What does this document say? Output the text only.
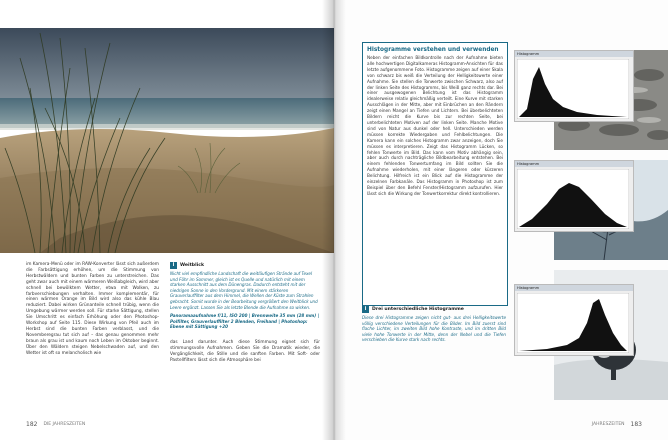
im Kamera-Menü oder im RAW-Konverter lässt sich außerdem die Farbsättigung erhöhen, um die Stimmung von Herbstwäldern und bunten Farben zu unterstreichen. Das geht zwar auch mit einem wärmeren Weißabgleich, wird aber schnell bei bewölktem Wetter, etwa mit Wolken, zu farbverschiebungen verhalten. Immer komplementär, für einen wärmen Orange im Bild wird also das kühle Blau reduziert. Dabei wirken Grünanteile schnell trübig, wenn die Umgebung wärmer werden soll. Für starke Sättigung, stellen Sie Umschritt es einfach Erhöhung oder den Photoshop-Workshop auf Seite 115. Diese Wirkung von Pfeil auch im Herbst sind die bunten Farben verblasst, und die Novemberegrau tut sich auf – das genau genommen mehr braun als grau ist und kaum noch Leben im Oktober beginnt. Über den Wäldern steigen Nebelschwaden auf, und den Wetter ist oft so melancholisch wie
i	Weitblick
Nicht viel empfindliche Landschaft die weitläufigen Strände auf Texel und Föhr im Sommer, gleich ist es Quelle und natürlich mit einem starken Ausschnitt aus dem Dünengras. Dadurch entsteht mit der niedrigen Sonne in den Vordergrund. Mit einem stärkeren Grauverlauffilter aus dem Himmel, die Wellen der Küste zum Strahlen gebracht. Somit wurde in der Bearbeitung vergrößert den Weitblick und Leere ergänzt. Lassen Sie als letzte Blende die Aufnahme so wirken.
Panoramaaufnahme f/11, ISO 200 | Brennweite 35 mm (28 mm) | Polfilter, Grauverlauffilter 2 Blenden, Freihand | Photoshop: Ebene mit Sättigung +20
das Land darunter. Auch diese Stimmung eignet sich für stimmungsvolle Aufnahmen. Geben Sie die Dramatik wieder, die Vergänglichkeit, die Stille und die sanften Farben. Mit Soft- oder Pastellfilters lässt sich die Atmosphäre bei
182 DIE JAHRESZEITEN
Histogramme verstehen und verwenden
Neben der einfachen Bildkontrolle nach der Aufnahme bieten alle hochwertigen Digitalkameras Histogramm-Ansichten für das letzte aufgenommene Foto. Histogramme zeigen auf einer Skala von schwarz bis weiß die Verteilung der Helligkeitswerte einer Aufnahme. Sie stellen die Tonwerte zwischen Schwarz, also auf der linken Seite des Histogramms, bis Weiß ganz rechts dar. Bei einer ausgewogenen Belichtung ist das Histogramm idealerweise relativ gleichmäßig verteilt. Eine Kurve mit starken Ausschlägen in der Mitte, aber mit Einbrüchen an den Rändern zeigt einen Mangel an Tiefen und Lichtern. Bei überbelichteten Bildern reicht die Kurve bis zur rechten Seite, bei unterbelichteten Motiven auf der linken Seite. Manche Motive sind von Natur aus dunkel oder hell. Unterschieden werden müssen korrekte Wiedergaben und Fehlbelichtungen. Die Kamera kann ein solches Histogramm zwar anzeigen, doch Sie müssen es interpretieren. Zeigt das Histogramm Lücken, so fehlen Tonwerte im Bild. Das kann vom Motiv abhängig sein, aber auch durch nachträgliche Bildbearbeitung entstehen. Bei einem fehlenden Tonwertumfang im Bild sollten Sie die Aufnahme wiederholen, mit einer längeren oder kürzeren Belichtung. Hilfreich ist ein Blick auf die Histogramme der einzelnen Farbkanäle. Das Histogramm in Photoshop ist zum Beispiel über den Befehl Fenster/Histogramm aufzurufen. Hier lässt sich die Wirkung der Tonwertkorrektur direkt kontrollieren.
Histogramm
Histogramm
Histogramm
i	Drei unterschiedliche Histogramme
Diese drei Histogramme zeigen nicht gut- aus drei Helligkeitswerte völlig verschiedene Verteilungen für die Bilder. Im Bild zuerst sind flache Lichter, im zweiten Bild hohe Kontraste, und im dritten Bild viele hohe Tonwerte in der Mitte, denn der Nebel und die Tiefen verschieben die Kurve stark nach rechts.
JAHRESZEITEN 183
